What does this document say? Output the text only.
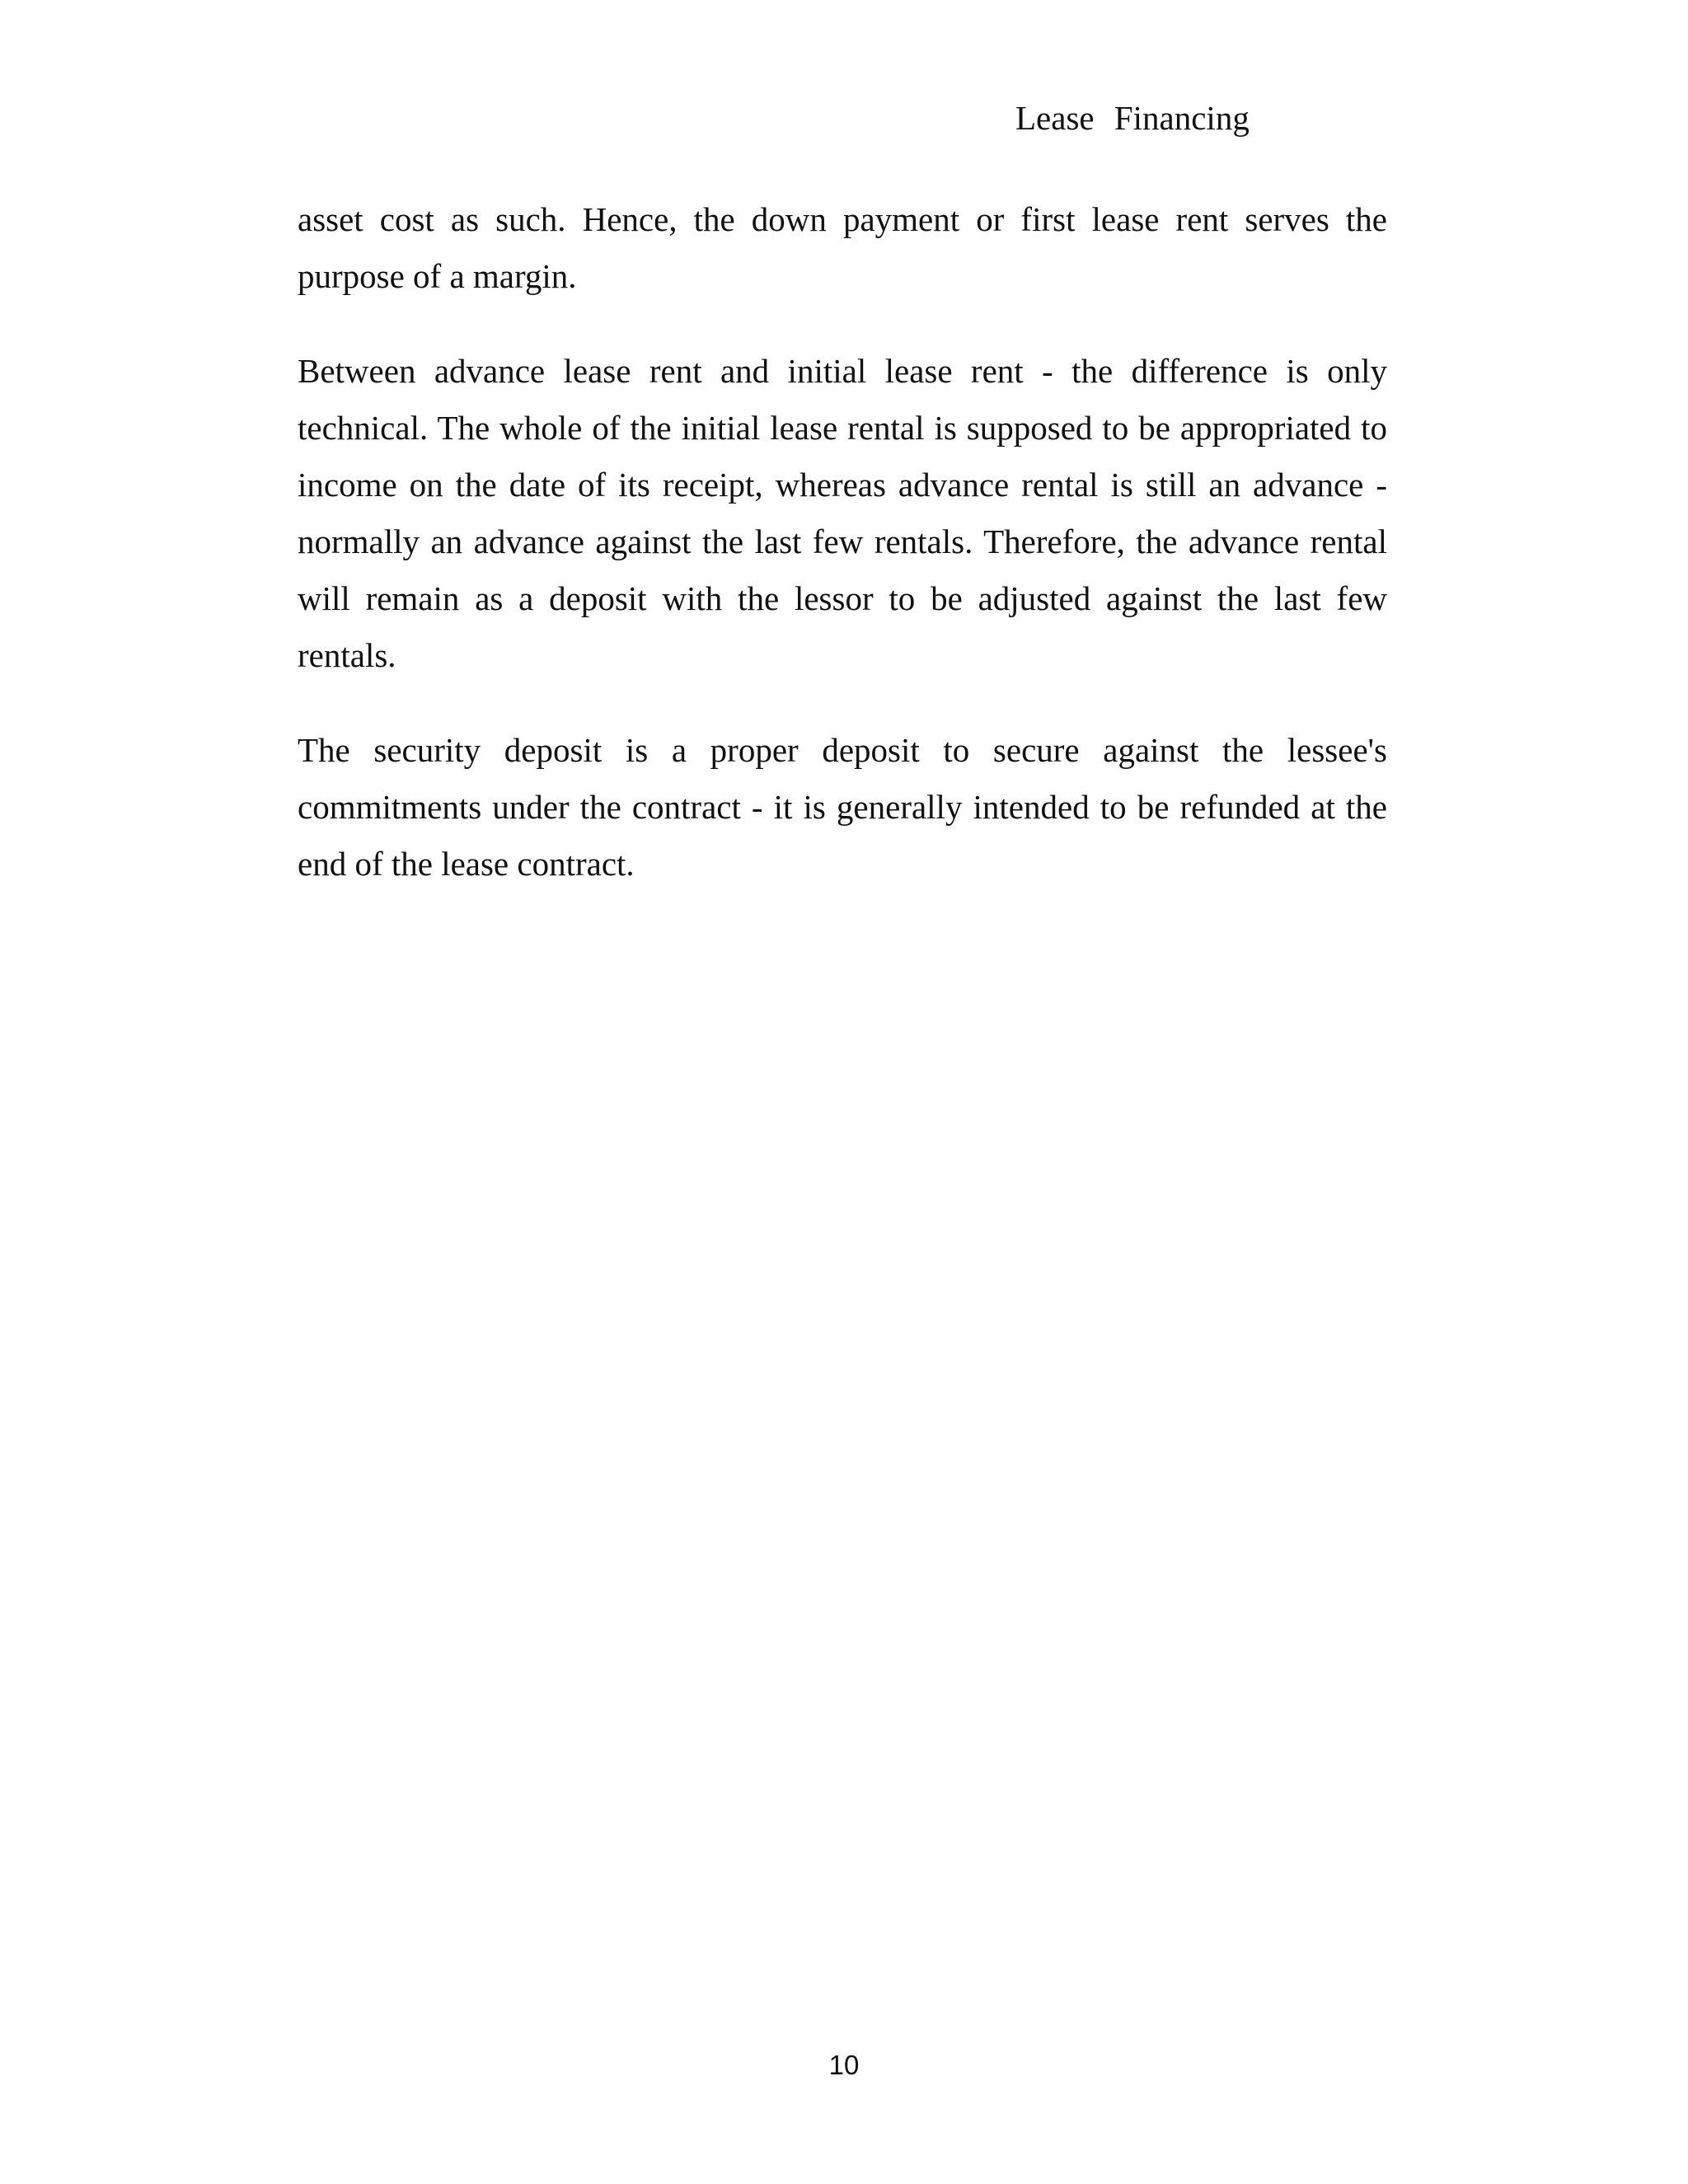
Lease Financing

asset cost as such. Hence, the down payment or first lease rent serves the purpose of a margin.

Between advance lease rent and initial lease rent - the difference is only technical. The whole of the initial lease rental is supposed to be appropriated to income on the date of its receipt, whereas advance rental is still an advance - normally an advance against the last few rentals. Therefore, the advance rental will remain as a deposit with the lessor to be adjusted against the last few rentals.

The security deposit is a proper deposit to secure against the lessee's commitments under the contract - it is generally intended to be refunded at the end of the lease contract.

10
